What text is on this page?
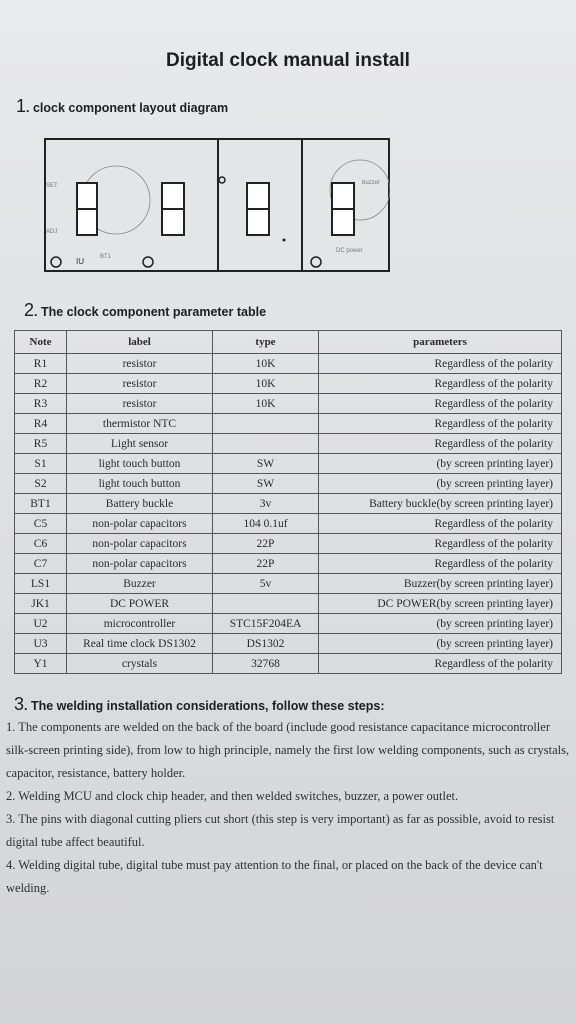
Digital clock manual install
1. clock component layout diagram
SET
ADJ
IU	BT1
buzzer
DC power
2. The clock component parameter table
Note	label	type	parameters
R1	resistor	10K	Regardless of the polarity
R2	resistor	10K	Regardless of the polarity
R3	resistor	10K	Regardless of the polarity
R4	thermistor NTC		Regardless of the polarity
R5	Light sensor		Regardless of the polarity
S1	light touch button	SW	(by screen printing layer)
S2	light touch button	SW	(by screen printing layer)
BT1	Battery buckle	3v	Battery buckle(by screen printing layer)
C5	non-polar capacitors	104 0.1uf	Regardless of the polarity
C6	non-polar capacitors	22P	Regardless of the polarity
C7	non-polar capacitors	22P	Regardless of the polarity
LS1	Buzzer	5v	Buzzer(by screen printing layer)
JK1	DC POWER		DC POWER(by screen printing layer)
U2	microcontroller	STC15F204EA	(by screen printing layer)
U3	Real time clock DS1302	DS1302	(by screen printing layer)
Y1	crystals	32768	Regardless of the polarity
3. The welding installation considerations, follow these steps:

1. The components are welded on the back of the board (include good resistance capacitance microcontroller silk-screen printing side), from low to high principle, namely the first low welding components, such as crystals, capacitor, resistance, battery holder.

2. Welding MCU and clock chip header, and then welded switches, buzzer, a power outlet.

3. The pins with diagonal cutting pliers cut short (this step is very important) as far as possible, avoid to resist digital tube affect beautiful.

4. Welding digital tube, digital tube must pay attention to the final, or placed on the back of the device can't welding.
